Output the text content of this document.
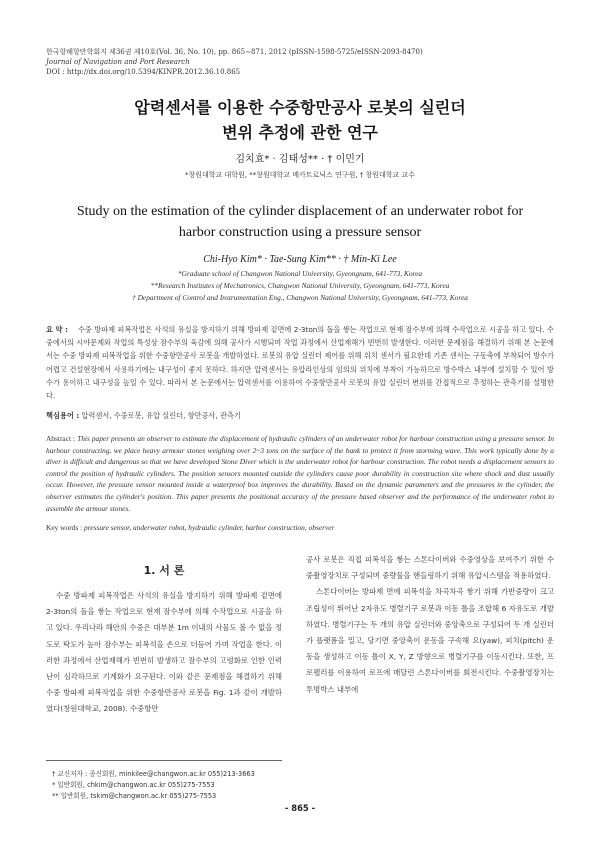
한국항해항만학회지 제36권 제10호(Vol. 36, No. 10), pp. 865∼871, 2012 (pISSN-1598-5725/eISSN-2093-8470)
Journal of Navigation and Port Research
DOI : http://dx.doi.org/10.5394/KINPR.2012.36.10.865
압력센서를 이용한 수중항만공사 로봇의 실린더
변위 추정에 관한 연구
김치효* · 김태성** · † 이민기
*창원대학교 대학원, **창원대학교 메카트로닉스 연구원, † 창원대학교 교수
Study on the estimation of the cylinder displacement of an underwater robot for
harbor construction using a pressure sensor
Chi-Hyo Kim* · Tae-Sung Kim** · † Min-Ki Lee
*Graduate school of Changwon National University, Gyeongnam, 641-773, Korea
**Research Institutes of Mechatronics, Changwon National University, Gyeongnam, 641-773, Korea
† Department of Control and Instrumentation Eng., Changwon National University, Gyeongnam, 641-773, Korea
요 약 : 수중 방파제 피복작업은 사석의 유실을 방지하기 위해 방파제 겉면에 2-3ton의 돌을 쌓는 작업으로 현재 잠수부에 의해 수작업으로 시공을 하고 있다. 수중에서의 시야문제와 작업의 특성상 잠수부의 육감에 의해 공사가 시행되며 작업 과정에서 산업재해가 빈번히 발생한다. 이러한 문제점을 해결하기 위해 본 논문에서는 수중 방파제 피복작업을 위한 수중항만공사 로봇을 개발하였다. 로봇의 유압 실린더 제어를 위해 위치 센서가 필요한데 기존 센서는 구동축에 부착되어 방수가 어렵고 건설현장에서 사용하기에는 내구성이 좋지 못하다. 하지만 압력센서는 유압라인상의 임의의 위치에 부착이 가능하므로 방수박스 내부에 설치할 수 있어 방수가 용이하고 내구성을 높일 수 있다. 따라서 본 논문에서는 압력센서를 이용하여 수중항만공사 로봇의 유압 실린더 변위를 간접적으로 추정하는 관측기를 설명한다.
핵심용어 : 압력센서, 수중로봇, 유압 실린더, 항만공사, 관측기
Abstract : This paper presents an observer to estimate the displacement of hydraulic cylinders of an underwater robot for harbour construction using a pressure sensor. In harbour constructing, we place heavy armour stones weighing over 2~3 tons on the surface of the bank to protect it from storming wave. This work typically done by a diver is difficult and dangerous so that we have developed Stone Diver which is the underwater robot for harbour construction. The robot needs a displacement sensors to control the position of hydraulic cylinders. The position sensors mounted outside the cylinders cause poor durability in construction site where shock and dust usually occur. However, the pressure sensor mounted inside a waterproof box improves the durability. Based on the dynamic parameters and the pressures in the cylinder, the observer estimates the cylinder's position. This paper presents the positional accuracy of the pressure based observer and the performance of the underwater robot to assemble the armour stones.
Key words : pressure sensor, underwater robot, hydraulic cylinder, harbor construction, observer
1. 서 론

수중 방파제 피복작업은 사석의 유실을 방지하기 위해 방파제 겉면에 2-3ton의 돌을 쌓는 작업으로 현재 잠수부에 의해 수작업으로 시공을 하고 있다. 우리나라 해안의 수중은 대부분 1m 이내의 사물도 볼 수 없을 정도로 탁도가 높아 잠수부는 피복석을 손으로 더듬어 가며 작업을 한다. 이러한 과정에서 산업재해가 빈번히 발생하고 잠수부의 고령화로 인한 인력난이 심각하므로 기계화가 요구된다. 이와 같은 문제점을 해결하기 위해 수중 방파제 피복작업을 위한 수중항만공사 로봇을 Fig. 1과 같이 개발하였다(창원대학교, 2008). 수중항만

공사 로봇은 직접 피복석을 쌓는 스톤다이버와 수중영상을 보여주기 위한 수중촬영장치로 구성되며 중량물을 핸들링하기 위해 유압시스템을 적용하였다.

스톤다이버는 방파제 면에 피복석을 차곡차곡 쌓기 위해 가반중량이 크고 조립성이 뛰어난 2자유도 병렬기구 로봇과 이동 틀을 조합해 6 자유도로 개발하였다. 병렬기구는 두 개의 유압 실린더와 중앙축으로 구성되어 두 개 실린더가 플랫폼을 밀고, 당기면 중앙축이 운동을 구속해 요(yaw), 피치(pitch) 운동을 생성하고 이동 틀이 X, Y, Z 방향으로 병렬기구를 이동시킨다. 또한, 프로펠러를 이용하여 로프에 매달린 스톤다이버를 회전시킨다. 수중촬영장치는 투명박스 내부에

† 교신저자 : 종신회원, minkilee@changwon.ac.kr 055)213-3663
* 일반회원, chkim@changwon.ac.kr 055)275-7553
** 일반회원, tskim@changwon.ac.kr 055)275-7553
- 865 -
